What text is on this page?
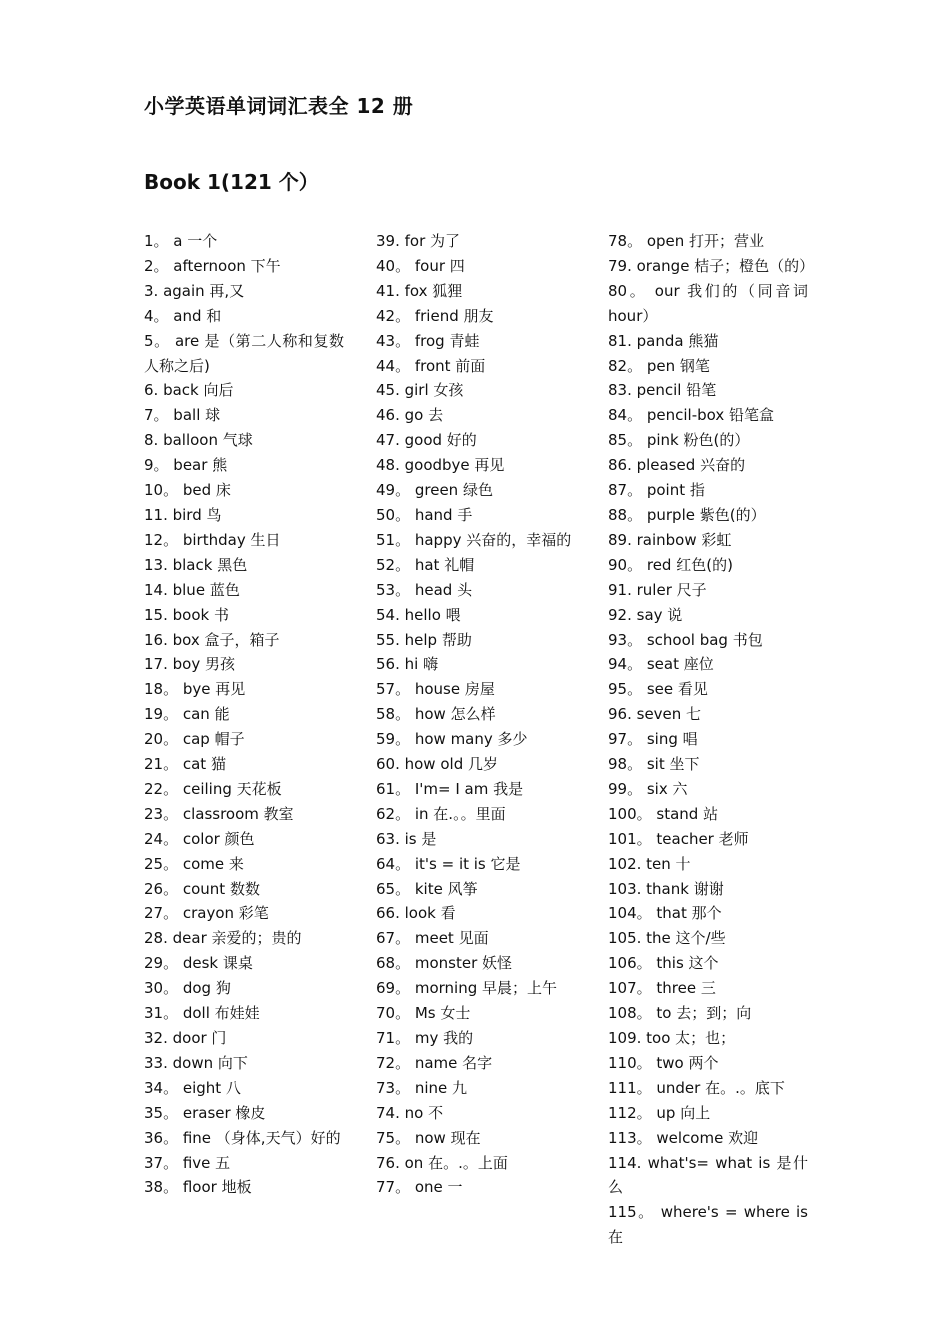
小学英语单词词汇表全 12 册
Book 1(121 个）
1。 a 一个
2。 afternoon 下午
3. again 再,又
4。 and 和
5。 are 是（第二人称和复数人称之后)
6. back 向后
7。 ball 球
8. balloon 气球
9。 bear 熊
10。 bed 床
11. bird 鸟
12。 birthday 生日
13. black 黑色
14. blue 蓝色
15. book 书
16. box 盒子，箱子
17. boy 男孩
18。 bye 再见
19。 can 能
20。 cap 帽子
21。 cat 猫
22。 ceiling 天花板
23。 classroom 教室
24。 color 颜色
25。 come 来
26。 count 数数
27。 crayon 彩笔
28. dear 亲爱的；贵的
29。 desk 课桌
30。 dog 狗
31。 doll 布娃娃
32. door 门
33. down 向下
34。 eight 八
35。 eraser 橡皮
36。 fine （身体,天气）好的
37。 five 五
38。 floor 地板
39. for 为了
40。 four 四
41. fox 狐狸
42。 friend 朋友
43。 frog 青蛙
44。 front 前面
45. girl 女孩
46. go 去
47. good 好的
48. goodbye 再见
49。 green 绿色
50。 hand 手
51。 happy 兴奋的，幸福的
52。 hat 礼帽
53。 head 头
54. hello 喂
55. help 帮助
56. hi 嗨
57。 house 房屋
58。 how 怎么样
59。 how many 多少
60. how old 几岁
61。 I'm= I am 我是
62。 in 在.。。里面
63. is 是
64。 it's = it is 它是
65。 kite 风筝
66. look 看
67。 meet 见面
68。 monster 妖怪
69。 morning 早晨；上午
70。 Ms 女士
71。 my 我的
72。 name 名字
73。 nine 九
74. no 不
75。 now 现在
76. on 在。.。上面
77。 one 一
78。 open 打开；营业
79. orange 桔子；橙色（的）
80。 our 我们的（同音词 hour）
81. panda 熊猫
82。 pen 钢笔
83. pencil 铅笔
84。 pencil-box 铅笔盒
85。 pink 粉色(的）
86. pleased 兴奋的
87。 point 指
88。 purple 紫色(的）
89. rainbow 彩虹
90。 red 红色(的)
91. ruler 尺子
92. say 说
93。 school bag 书包
94。 seat 座位
95。 see 看见
96. seven 七
97。 sing 唱
98。 sit 坐下
99。 six 六
100。 stand 站
101。 teacher 老师
102. ten 十
103. thank 谢谢
104。 that 那个
105. the 这个/些
106。 this 这个
107。 three 三
108。 to 去；到；向
109. too 太；也；
110。 two 两个
111。 under 在。.。底下
112。 up 向上
113。 welcome 欢迎
114. what's= what is 是什么
115。 where's = where is 在
